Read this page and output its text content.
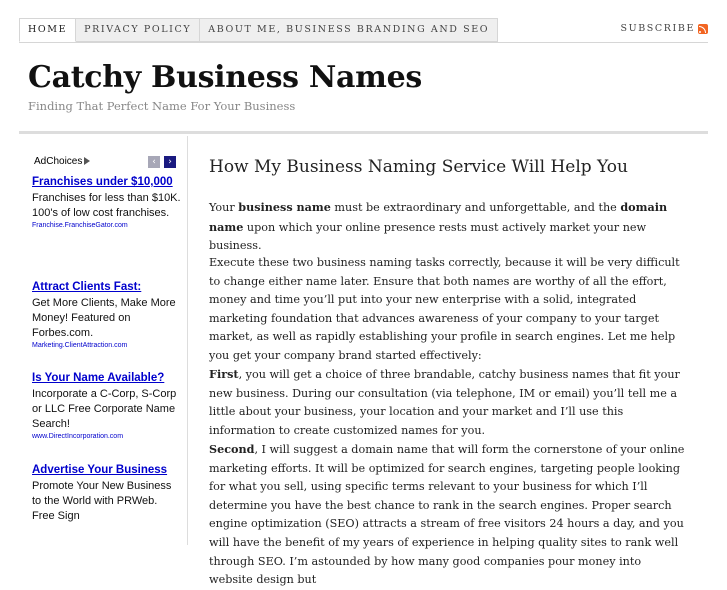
HOME	PRIVACY POLICY	ABOUT ME, BUSINESS BRANDING AND SEO	SUBSCRIBE
Catchy Business Names
Finding That Perfect Name For Your Business
AdChoices	‹	›
Franchises under $10,000
Franchises for less than $10K. 100's of low cost franchises.
Franchise.FranchiseGator.com
Attract Clients Fast:
Get More Clients, Make More Money! Featured on Forbes.com.
Marketing.ClientAttraction.com
Is Your Name Available?
Incorporate a C-Corp, S-Corp or LLC Free Corporate Name Search!
www.DirectIncorporation.com
Advertise Your Business
Promote Your New Business to the World with PRWeb. Free Sign
How My Business Naming Service Will Help You

Your business name must be extraordinary and unforgettable, and the domain name upon which your online presence rests must actively market your new business.

Execute these two business naming tasks correctly, because it will be very difficult to change either name later. Ensure that both names are worthy of all the effort, money and time you’ll put into your new enterprise with a solid, integrated marketing foundation that advances awareness of your company to your target market, as well as rapidly establishing your profile in search engines. Let me help you get your company brand started effectively:

First, you will get a choice of three brandable, catchy business names that fit your new business. During our consultation (via telephone, IM or email) you’ll tell me a little about your business, your location and your market and I’ll use this information to create customized names for you.

Second, I will suggest a domain name that will form the cornerstone of your online marketing efforts. It will be optimized for search engines, targeting people looking for what you sell, using specific terms relevant to your business for which I’ll determine you have the best chance to rank in the search engines. Proper search engine optimization (SEO) attracts a stream of free visitors 24 hours a day, and you will have the benefit of my years of experience in helping quality sites to rank well through SEO. I’m astounded by how many good companies pour money into website design but
